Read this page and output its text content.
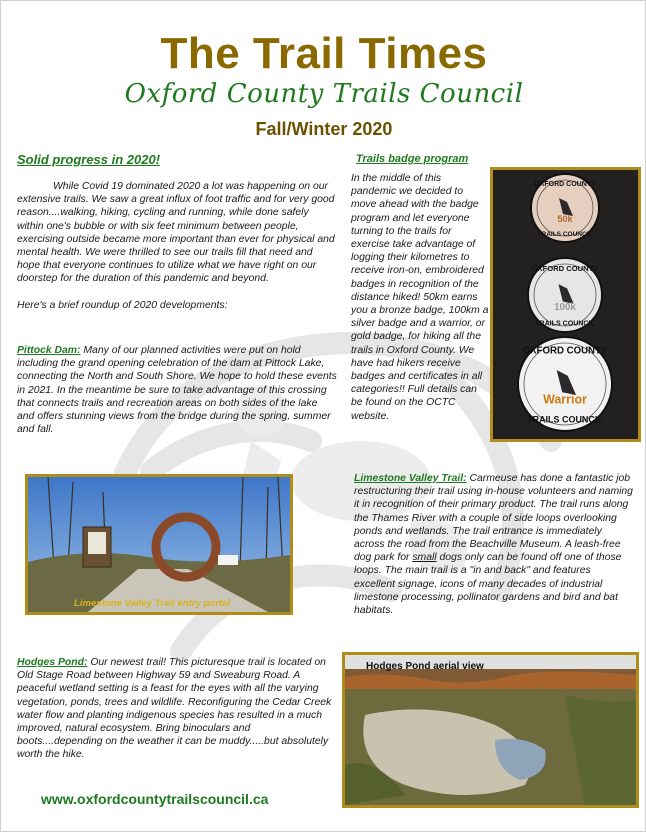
The Trail Times
Oxford County Trails Council
Fall/Winter 2020
Solid progress in 2020!
While Covid 19 dominated 2020 a lot was happening on our extensive trails. We saw a great influx of foot traffic and for very good reason....walking, hiking, cycling and running, while done safely within one's bubble or with six feet minimum between people, exercising outside became more important than ever for physical and mental health. We were thrilled to see our trails fill that need and hope that everyone continues to utilize what we have right on our doorstep for the duration of this pandemic and beyond.
Here's a brief roundup of 2020 developments:
Pittock Dam: Many of our planned activities were put on hold including the grand opening celebration of the dam at Pittock Lake, connecting the North and South Shore. We hope to hold these events in 2021. In the meantime be sure to take advantage of this crossing that connects trails and recreation areas on both sides of the lake and offers stunning views from the bridge during the spring, summer and fall.
Trails badge program
In the middle of this pandemic we decided to move ahead with the badge program and let everyone turning to the trails for exercise take advantage of logging their kilometres to receive iron-on, embroidered badges in recognition of the distance hiked! 50km earns you a bronze badge, 100km a silver badge and a warrior, or gold badge, for hiking all the trails in Oxford County. We have had hikers receive badges and certificates in all categories!! Full details can be found on the OCTC website.
OXFORD COUNTY
50k
TRAILS COUNCIL
OXFORD COUNTY
100k
TRAILS COUNCIL
OXFORD COUNTY
Warrior
TRAILS COUNCIL
Limestone Valley Trail entry portal
Limestone Valley Trail: Carmeuse has done a fantastic job restructuring their trail using in-house volunteers and naming it in recognition of their primary product. The trail runs along the Thames River with a couple of side loops overlooking ponds and wetlands. The trail entrance is immediately across the road from the Beachville Museum. A leash-free dog park for small dogs only can be found off one of those loops. The main trail is a "in and back" and features excellent signage, icons of many decades of industrial limestone processing, pollinator gardens and bird and bat habitats.
Hodges Pond: Our newest trail! This picturesque trail is located on Old Stage Road between Highway 59 and Sweaburg Road. A peaceful wetland setting is a feast for the eyes with all the varying vegetation, ponds, trees and wildlife. Reconfiguring the Cedar Creek water flow and planting indigenous species has resulted in a much improved, natural ecosystem. Bring binoculars and boots....depending on the weather it can be muddy.....but absolutely worth the hike.
Hodges Pond aerial view
www.oxfordcountytrailscouncil.ca
